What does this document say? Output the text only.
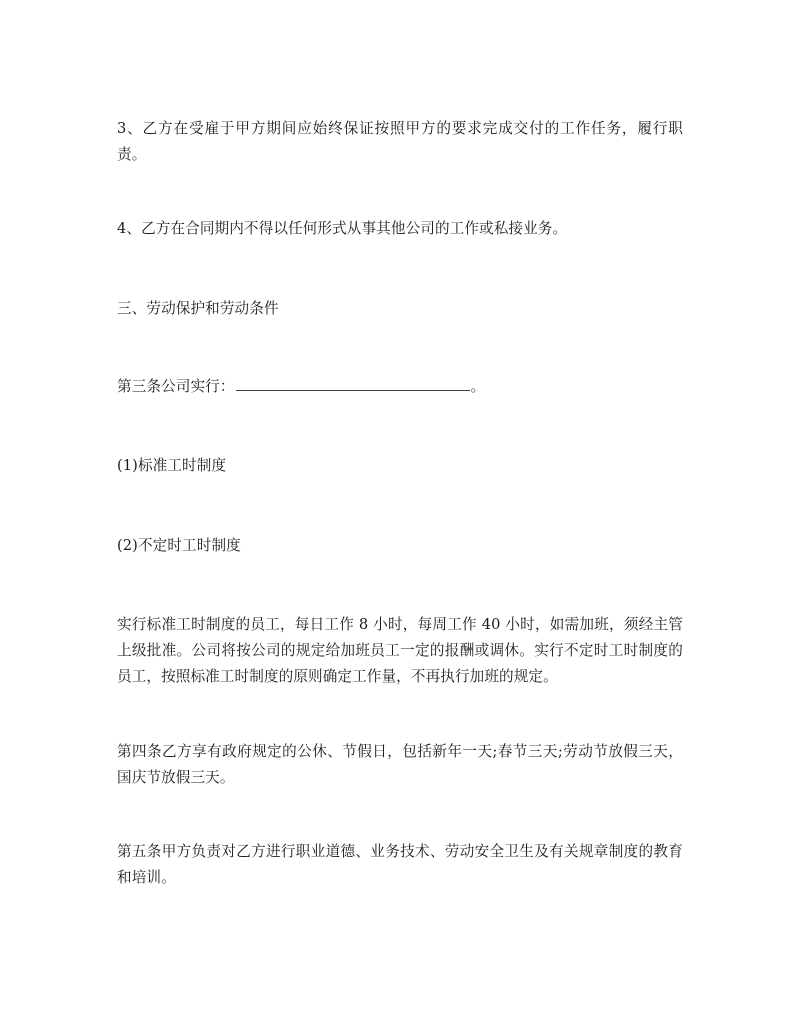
3、乙方在受雇于甲方期间应始终保证按照甲方的要求完成交付的工作任务，履行职责。

4、乙方在合同期内不得以任何形式从事其他公司的工作或私接业务。

三、劳动保护和劳动条件

第三条公司实行：	。

(1)标准工时制度

(2)不定时工时制度

实行标准工时制度的员工，每日工作 8 小时，每周工作 40 小时，如需加班，须经主管上级批准。公司将按公司的规定给加班员工一定的报酬或调休。实行不定时工时制度的员工，按照标准工时制度的原则确定工作量，不再执行加班的规定。

第四条乙方享有政府规定的公休、节假日，包括新年一天;春节三天;劳动节放假三天，国庆节放假三天。

第五条甲方负责对乙方进行职业道德、业务技术、劳动安全卫生及有关规章制度的教育和培训。
